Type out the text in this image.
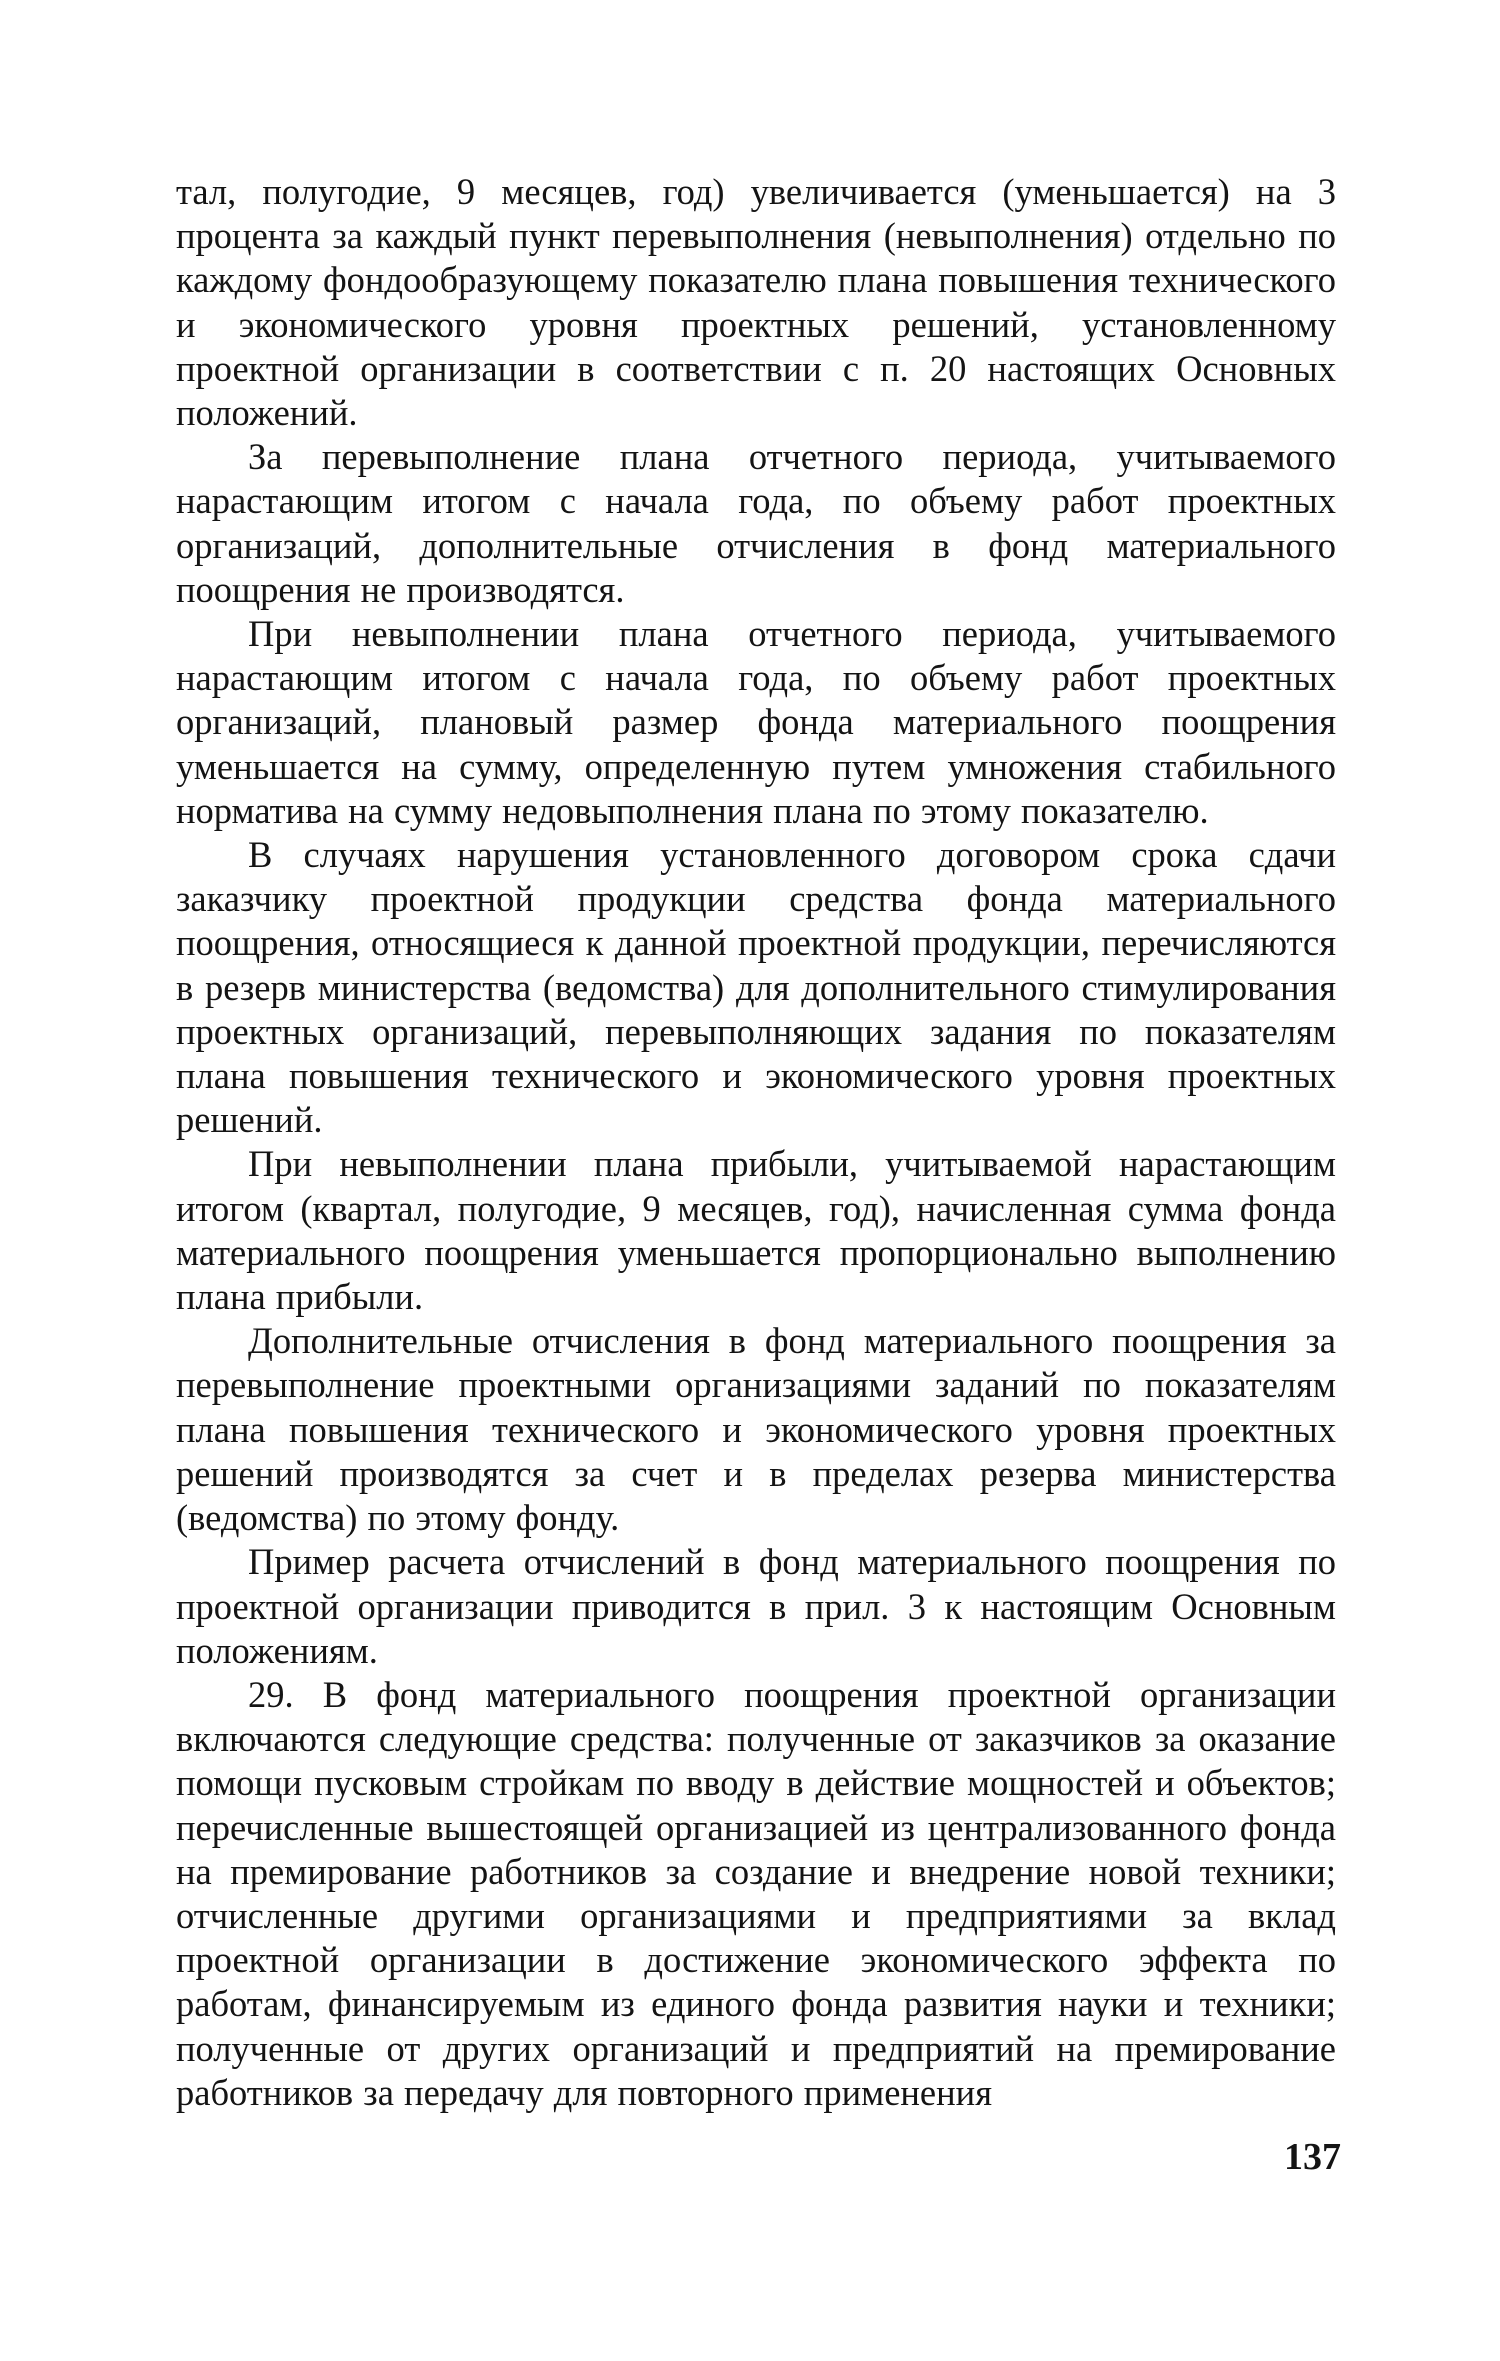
тал, полугодие, 9 месяцев, год) увеличивается (уменьшается) на 3 процента за каждый пункт перевыполнения (невыполнения) отдельно по каждому фондообразующему показателю плана повышения технического и экономического уровня проектных решений, установленному проектной организации в соответствии с п. 20 настоящих Основных положений.

За перевыполнение плана отчетного периода, учитываемого нарастающим итогом с начала года, по объему работ проектных организаций, дополнительные отчисления в фонд материального поощрения не производятся.

При невыполнении плана отчетного периода, учитываемого нарастающим итогом с начала года, по объему работ проектных организаций, плановый размер фонда материального поощрения уменьшается на сумму, определенную путем умножения стабильного норматива на сумму недовыполнения плана по этому показателю.

В случаях нарушения установленного договором срока сдачи заказчику проектной продукции средства фонда материального поощрения, относящиеся к данной проектной продукции, перечисляются в резерв министерства (ведомства) для дополнительного стимулирования проектных организаций, перевыполняющих задания по показателям плана повышения технического и экономического уровня проектных решений.

При невыполнении плана прибыли, учитываемой нарастающим итогом (квартал, полугодие, 9 месяцев, год), начисленная сумма фонда материального поощрения уменьшается пропорционально выполнению плана прибыли.

Дополнительные отчисления в фонд материального поощрения за перевыполнение проектными организациями заданий по показателям плана повышения технического и экономического уровня проектных решений производятся за счет и в пределах резерва министерства (ведомства) по этому фонду.

Пример расчета отчислений в фонд материального поощрения по проектной организации приводится в прил. 3 к настоящим Основным положениям.

29. В фонд материального поощрения проектной организации включаются следующие средства: полученные от заказчиков за оказание помощи пусковым стройкам по вводу в действие мощностей и объектов; перечисленные вышестоящей организацией из централизованного фонда на премирование работников за создание и внедрение новой техники; отчисленные другими организациями и предприятиями за вклад проектной организации в достижение экономического эффекта по работам, финансируемым из единого фонда развития науки и техники; полученные от других организаций и предприятий на премирование работников за передачу для повторного применения

137
